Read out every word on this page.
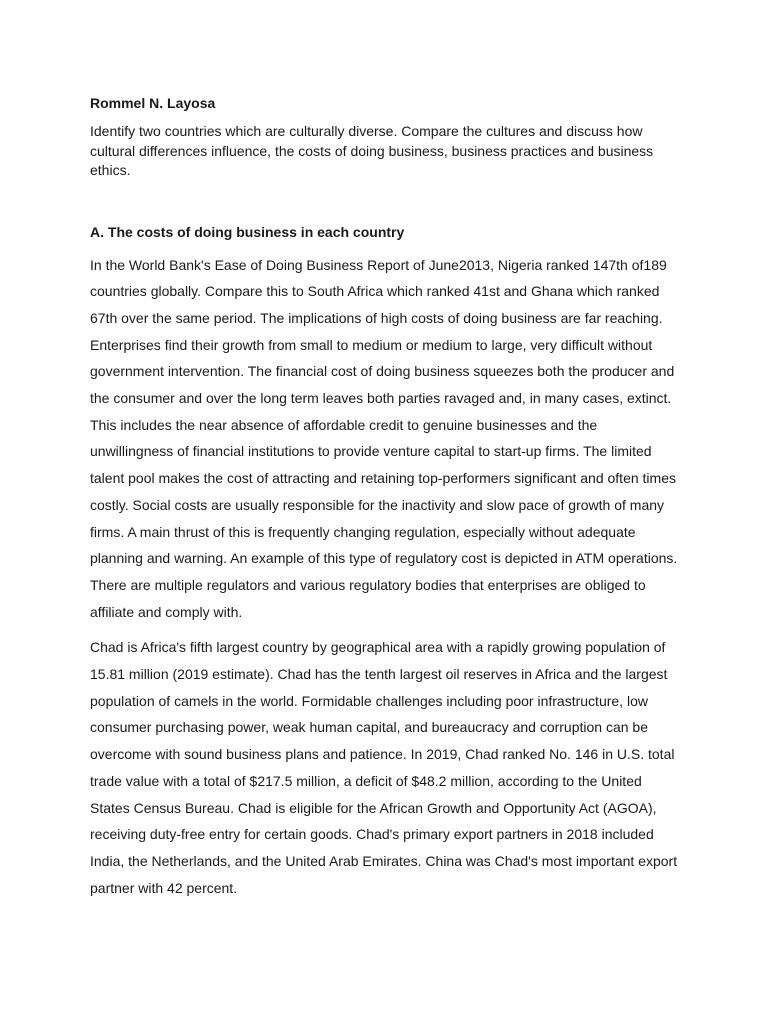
Rommel N. Layosa
Identify two countries which are culturally diverse. Compare the cultures and discuss how cultural differences influence, the costs of doing business, business practices and business ethics.
A. The costs of doing business in each country

In the World Bank's Ease of Doing Business Report of June2013, Nigeria ranked 147th of189 countries globally. Compare this to South Africa which ranked 41st and Ghana which ranked 67th over the same period. The implications of high costs of doing business are far reaching. Enterprises find their growth from small to medium or medium to large, very difficult without government intervention. The financial cost of doing business squeezes both the producer and the consumer and over the long term leaves both parties ravaged and, in many cases, extinct. This includes the near absence of affordable credit to genuine businesses and the unwillingness of financial institutions to provide venture capital to start-up firms. The limited talent pool makes the cost of attracting and retaining top-performers significant and often times costly. Social costs are usually responsible for the inactivity and slow pace of growth of many firms. A main thrust of this is frequently changing regulation, especially without adequate planning and warning. An example of this type of regulatory cost is depicted in ATM operations. There are multiple regulators and various regulatory bodies that enterprises are obliged to affiliate and comply with.

Chad is Africa's fifth largest country by geographical area with a rapidly growing population of 15.81 million (2019 estimate). Chad has the tenth largest oil reserves in Africa and the largest population of camels in the world. Formidable challenges including poor infrastructure, low consumer purchasing power, weak human capital, and bureaucracy and corruption can be overcome with sound business plans and patience. In 2019, Chad ranked No. 146 in U.S. total trade value with a total of $217.5 million, a deficit of $48.2 million, according to the United States Census Bureau. Chad is eligible for the African Growth and Opportunity Act (AGOA), receiving duty-free entry for certain goods. Chad's primary export partners in 2018 included India, the Netherlands, and the United Arab Emirates. China was Chad's most important export partner with 42 percent.
